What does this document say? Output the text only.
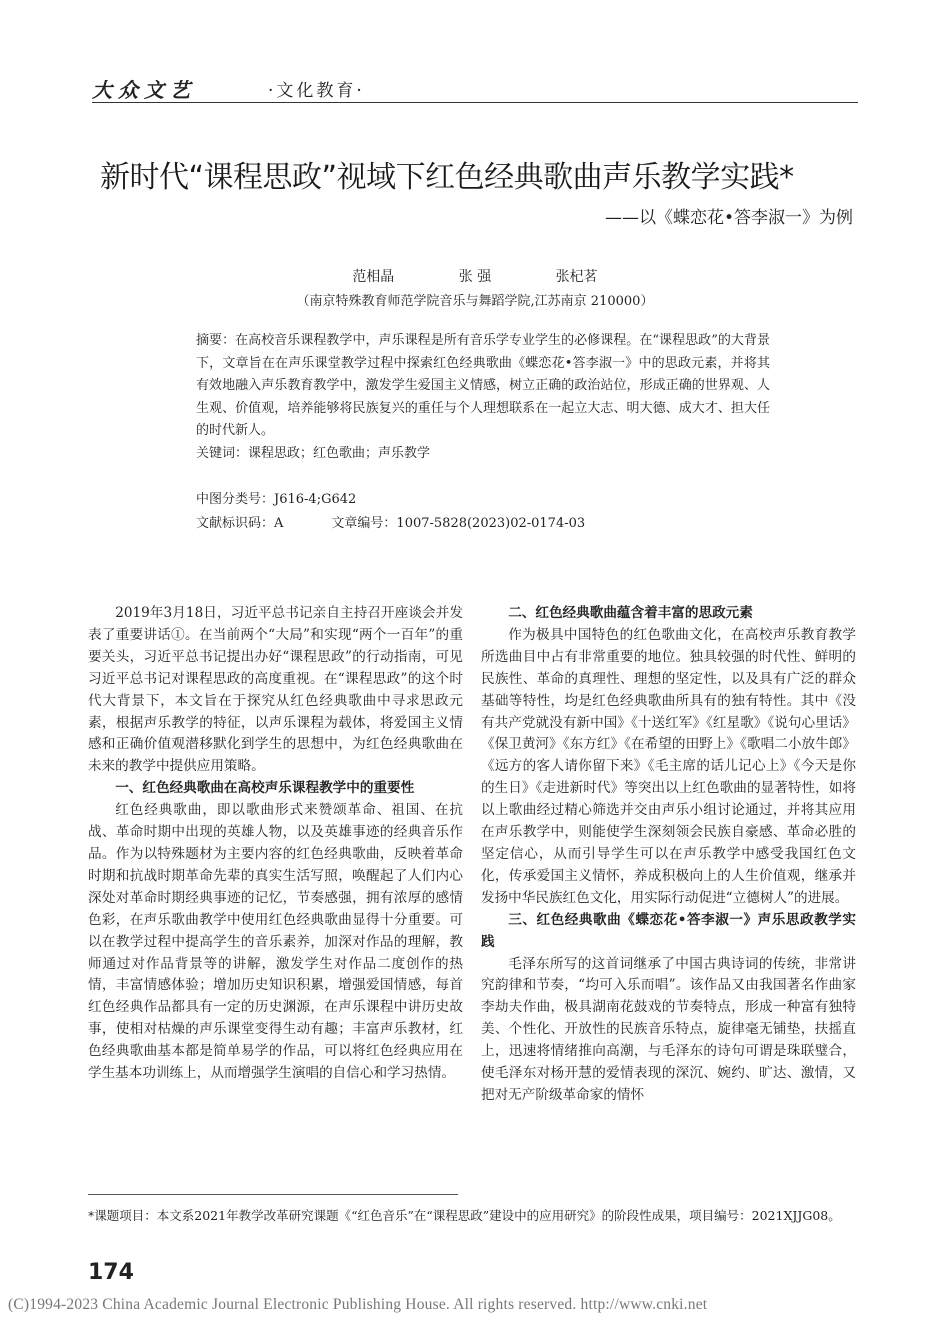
大众文艺	·文化教育·
新时代“课程思政”视域下红色经典歌曲声乐教学实践*
——以《蝶恋花•答李淑一》为例
范相晶	张 强	张杞茗
（南京特殊教育师范学院音乐与舞蹈学院,江苏南京 210000）
摘要：在高校音乐课程教学中，声乐课程是所有音乐学专业学生的必修课程。在“课程思政”的大背景下，文章旨在在声乐课堂教学过程中探索红色经典歌曲《蝶恋花•答李淑一》中的思政元素，并将其有效地融入声乐教育教学中，激发学生爱国主义情感，树立正确的政治站位，形成正确的世界观、人生观、价值观，培养能够将民族复兴的重任与个人理想联系在一起立大志、明大德、成大才、担大任的时代新人。
关键词：课程思政；红色歌曲；声乐教学
中图分类号：J616-4;G642
文献标识码：A	文章编号：1007-5828(2023)02-0174-03

2019年3月18日，习近平总书记亲自主持召开座谈会并发表了重要讲话①。在当前两个“大局”和实现“两个一百年”的重要关头，习近平总书记提出办好“课程思政”的行动指南，可见习近平总书记对课程思政的高度重视。在“课程思政”的这个时代大背景下，本文旨在于探究从红色经典歌曲中寻求思政元素，根据声乐教学的特征，以声乐课程为载体，将爱国主义情感和正确价值观潜移默化到学生的思想中，为红色经典歌曲在未来的教学中提供应用策略。

一、红色经典歌曲在高校声乐课程教学中的重要性

红色经典歌曲，即以歌曲形式来赞颂革命、祖国、在抗战、革命时期中出现的英雄人物，以及英雄事迹的经典音乐作品。作为以特殊题材为主要内容的红色经典歌曲，反映着革命时期和抗战时期革命先辈的真实生活写照，唤醒起了人们内心深处对革命时期经典事迹的记忆，节奏感强，拥有浓厚的感情色彩，在声乐歌曲教学中使用红色经典歌曲显得十分重要。可以在教学过程中提高学生的音乐素养，加深对作品的理解，教师通过对作品背景等的讲解，激发学生对作品二度创作的热情，丰富情感体验；增加历史知识积累，增强爱国情感，每首红色经典作品都具有一定的历史渊源，在声乐课程中讲历史故事，使相对枯燥的声乐课堂变得生动有趣；丰富声乐教材，红色经典歌曲基本都是简单易学的作品，可以将红色经典应用在学生基本功训练上，从而增强学生演唱的自信心和学习热情。

二、红色经典歌曲蕴含着丰富的思政元素

作为极具中国特色的红色歌曲文化，在高校声乐教育教学所选曲目中占有非常重要的地位。独具较强的时代性、鲜明的民族性、革命的真理性、理想的坚定性，以及具有广泛的群众基础等特性，均是红色经典歌曲所具有的独有特性。其中《没有共产党就没有新中国》《十送红军》《红星歌》《说句心里话》《保卫黄河》《东方红》《在希望的田野上》《歌唱二小放牛郎》《远方的客人请你留下来》《毛主席的话儿记心上》《今天是你的生日》《走进新时代》等突出以上红色歌曲的显著特性，如将以上歌曲经过精心筛选并交由声乐小组讨论通过，并将其应用在声乐教学中，则能使学生深刻领会民族自豪感、革命必胜的坚定信心，从而引导学生可以在声乐教学中感受我国红色文化，传承爱国主义情怀，养成积极向上的人生价值观，继承并发扬中华民族红色文化，用实际行动促进“立德树人”的进展。

三、红色经典歌曲《蝶恋花•答李淑一》声乐思政教学实践

毛泽东所写的这首词继承了中国古典诗词的传统，非常讲究韵律和节奏，“均可入乐而唱”。该作品又由我国著名作曲家李劫夫作曲，极具湖南花鼓戏的节奏特点，形成一种富有独特美、个性化、开放性的民族音乐特点，旋律毫无铺垫，扶摇直上，迅速将情绪推向高潮，与毛泽东的诗句可谓是珠联璧合，使毛泽东对杨开慧的爱情表现的深沉、婉约、旷达、激情，又把对无产阶级革命家的情怀

*课题项目：本文系2021年教学改革研究课题《“红色音乐”在“课程思政”建设中的应用研究》的阶段性成果，项目编号：2021XJJG08。
174
(C)1994-2023 China Academic Journal Electronic Publishing House. All rights reserved. http://www.cnki.net
